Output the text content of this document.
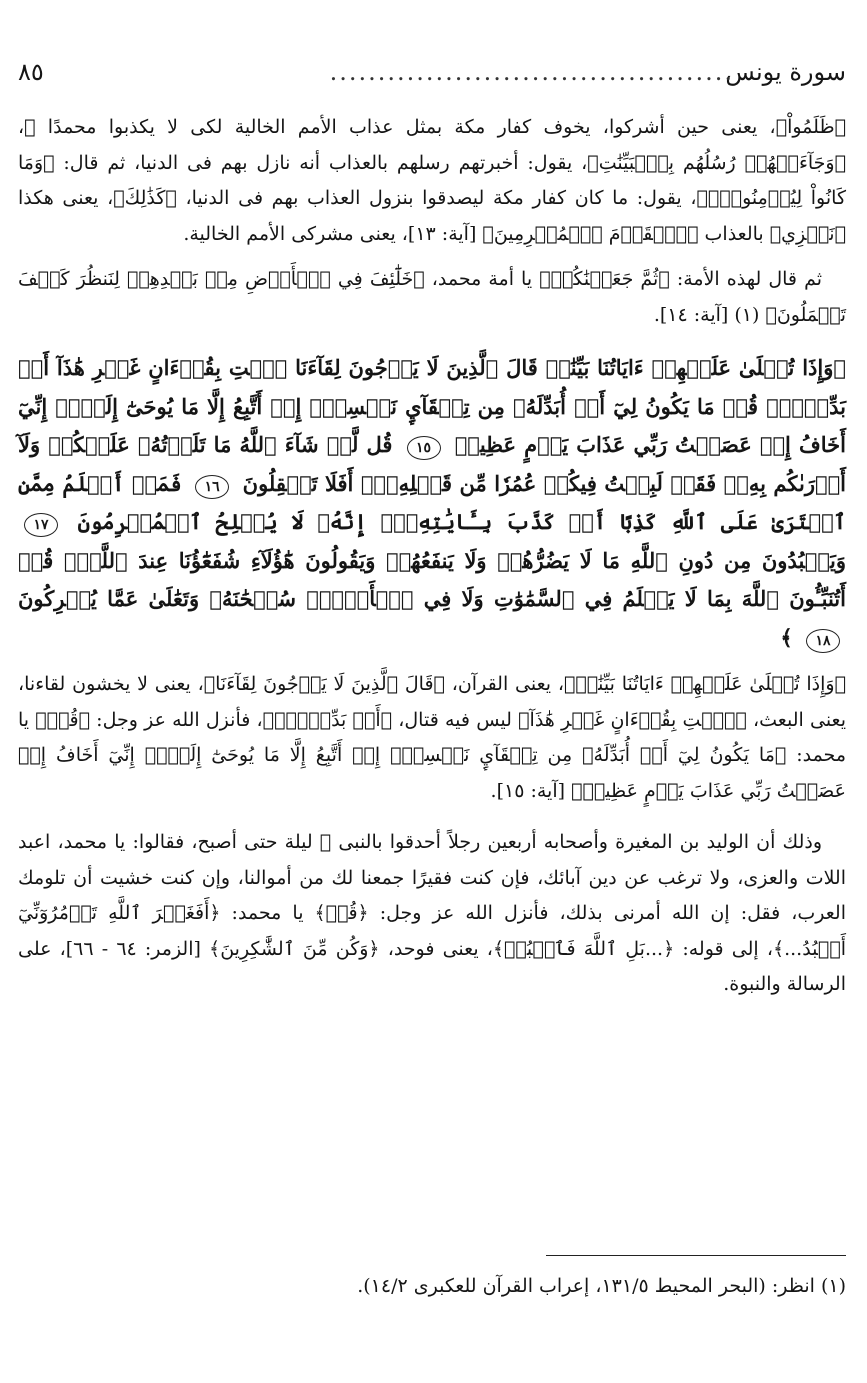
سورة يونس
..........................................
٨٥

﴿ظَلَمُواْ﴾، يعنى حين أشركوا، يخوف كفار مكة بمثل عذاب الأمم الخالية لكى لا يكذبوا محمدًا ﷺ، ﴿وَجَآءَتۡهُمۡ رُسُلُهُم بِٱلۡبَيِّنَٰتِ﴾، يقول: أخبرتهم رسلهم بالعذاب أنه نازل بهم فى الدنيا، ثم قال: ﴿وَمَا كَانُواْ لِيُؤۡمِنُواْۚ﴾، يقول: ما كان كفار مكة ليصدقوا بنزول العذاب بهم فى الدنيا، ﴿كَذَٰلِكَ﴾، يعنى هكذا ﴿نَجۡزِي﴾ بالعذاب ﴿ٱلۡقَوۡمَ ٱلۡمُجۡرِمِينَ﴾ [آية: ١٣]، يعنى مشركى الأمم الخالية.

ثم قال لهذه الأمة: ﴿ثُمَّ جَعَلۡنَٰكُمۡ﴾ يا أمة محمد، ﴿خَلَٰٓئِفَ فِي ٱلۡأَرۡضِ مِنۢ بَعۡدِهِمۡ لِنَنظُرَ كَيۡفَ تَعۡمَلُونَ﴾ (١) [آية: ١٤].

﴿وَإِذَا تُتۡلَىٰ عَلَيۡهِمۡ ءَايَاتُنَا بَيِّنَٰتٖ قَالَ ٱلَّذِينَ لَا يَرۡجُونَ لِقَآءَنَا ٱئۡتِ بِقُرۡءَانٍ غَيۡرِ هَٰذَآ أَوۡ بَدِّلۡهُۚ قُلۡ مَا يَكُونُ لِيٓ أَنۡ أُبَدِّلَهُۥ مِن تِلۡقَآيِٕ نَفۡسِيٓۖ إِنۡ أَتَّبِعُ إِلَّا مَا يُوحَىٰٓ إِلَيَّۖ إِنِّيٓ أَخَافُ إِنۡ عَصَيۡتُ رَبِّي عَذَابَ يَوۡمٍ عَظِيمٖ ١٥ قُل لَّوۡ شَآءَ ٱللَّهُ مَا تَلَوۡتُهُۥ عَلَيۡكُمۡ وَلَآ أَدۡرَىٰكُم بِهِۦۖ فَقَدۡ لَبِثۡتُ فِيكُمۡ عُمُرٗا مِّن قَبۡلِهِۦٓۚ أَفَلَا تَعۡقِلُونَ ١٦ فَمَنۡ أَظۡلَمُ مِمَّنِ ٱفۡتَرَىٰ عَلَى ٱللَّهِ كَذِبًا أَوۡ كَذَّبَ بِـَٔايَٰتِهِۦٓۚ إِنَّهُۥ لَا يُفۡلِحُ ٱلۡمُجۡرِمُونَ ١٧ وَيَعۡبُدُونَ مِن دُونِ ٱللَّهِ مَا لَا يَضُرُّهُمۡ وَلَا يَنفَعُهُمۡ وَيَقُولُونَ هَٰٓؤُلَآءِ شُفَعَٰٓؤُنَا عِندَ ٱللَّهِۚ قُلۡ أَتُنَبِّـُٔونَ ٱللَّهَ بِمَا لَا يَعۡلَمُ فِي ٱلسَّمَٰوَٰتِ وَلَا فِي ٱلۡأَرۡضِۚ سُبۡحَٰنَهُۥ وَتَعَٰلَىٰ عَمَّا يُشۡرِكُونَ ١٨ ﴾

﴿وَإِذَا تُتۡلَىٰ عَلَيۡهِمۡ ءَايَاتُنَا بَيِّنَٰتٖ﴾، يعنى القرآن، ﴿قَالَ ٱلَّذِينَ لَا يَرۡجُونَ لِقَآءَنَا﴾، يعنى لا يخشون لقاءنا، يعنى البعث، ﴿ٱئۡتِ بِقُرۡءَانٍ غَيۡرِ هَٰذَآ﴾ ليس فيه قتال، ﴿أَوۡ بَدِّلۡهُۚ﴾، فأنزل الله عز وجل: ﴿قُلۡ﴾ يا محمد: ﴿مَا يَكُونُ لِيٓ أَنۡ أُبَدِّلَهُۥ مِن تِلۡقَآيِٕ نَفۡسِيٓۖ إِنۡ أَتَّبِعُ إِلَّا مَا يُوحَىٰٓ إِلَيَّۖ إِنِّيٓ أَخَافُ إِنۡ عَصَيۡتُ رَبِّي عَذَابَ يَوۡمٍ عَظِيمٖ﴾ [آية: ١٥].

وذلك أن الوليد بن المغيرة وأصحابه أربعين رجلاً أحدقوا بالنبى ﷺ ليلة حتى أصبح، فقالوا: يا محمد، اعبد اللات والعزى، ولا ترغب عن دين آبائك، فإن كنت فقيرًا جمعنا لك من أموالنا، وإن كنت خشيت أن تلومك العرب، فقل: إن الله أمرنى بذلك، فأنزل الله عز وجل: ﴿قُلۡ﴾ يا محمد: ﴿أَفَغَيۡرَ ٱللَّهِ تَأۡمُرُوٓنِّيٓ أَعۡبُدُ...﴾، إلى قوله: ﴿...بَلِ ٱللَّهَ فَٱعۡبُدۡ﴾، يعنى فوحد، ﴿وَكُن مِّنَ ٱلشَّٰكِرِينَ﴾ [الزمر: ٦٤ - ٦٦]، على الرسالة والنبوة.

(١) انظر: (البحر المحيط ١٣١/٥، إعراب القرآن للعكبرى ١٤/٢).
